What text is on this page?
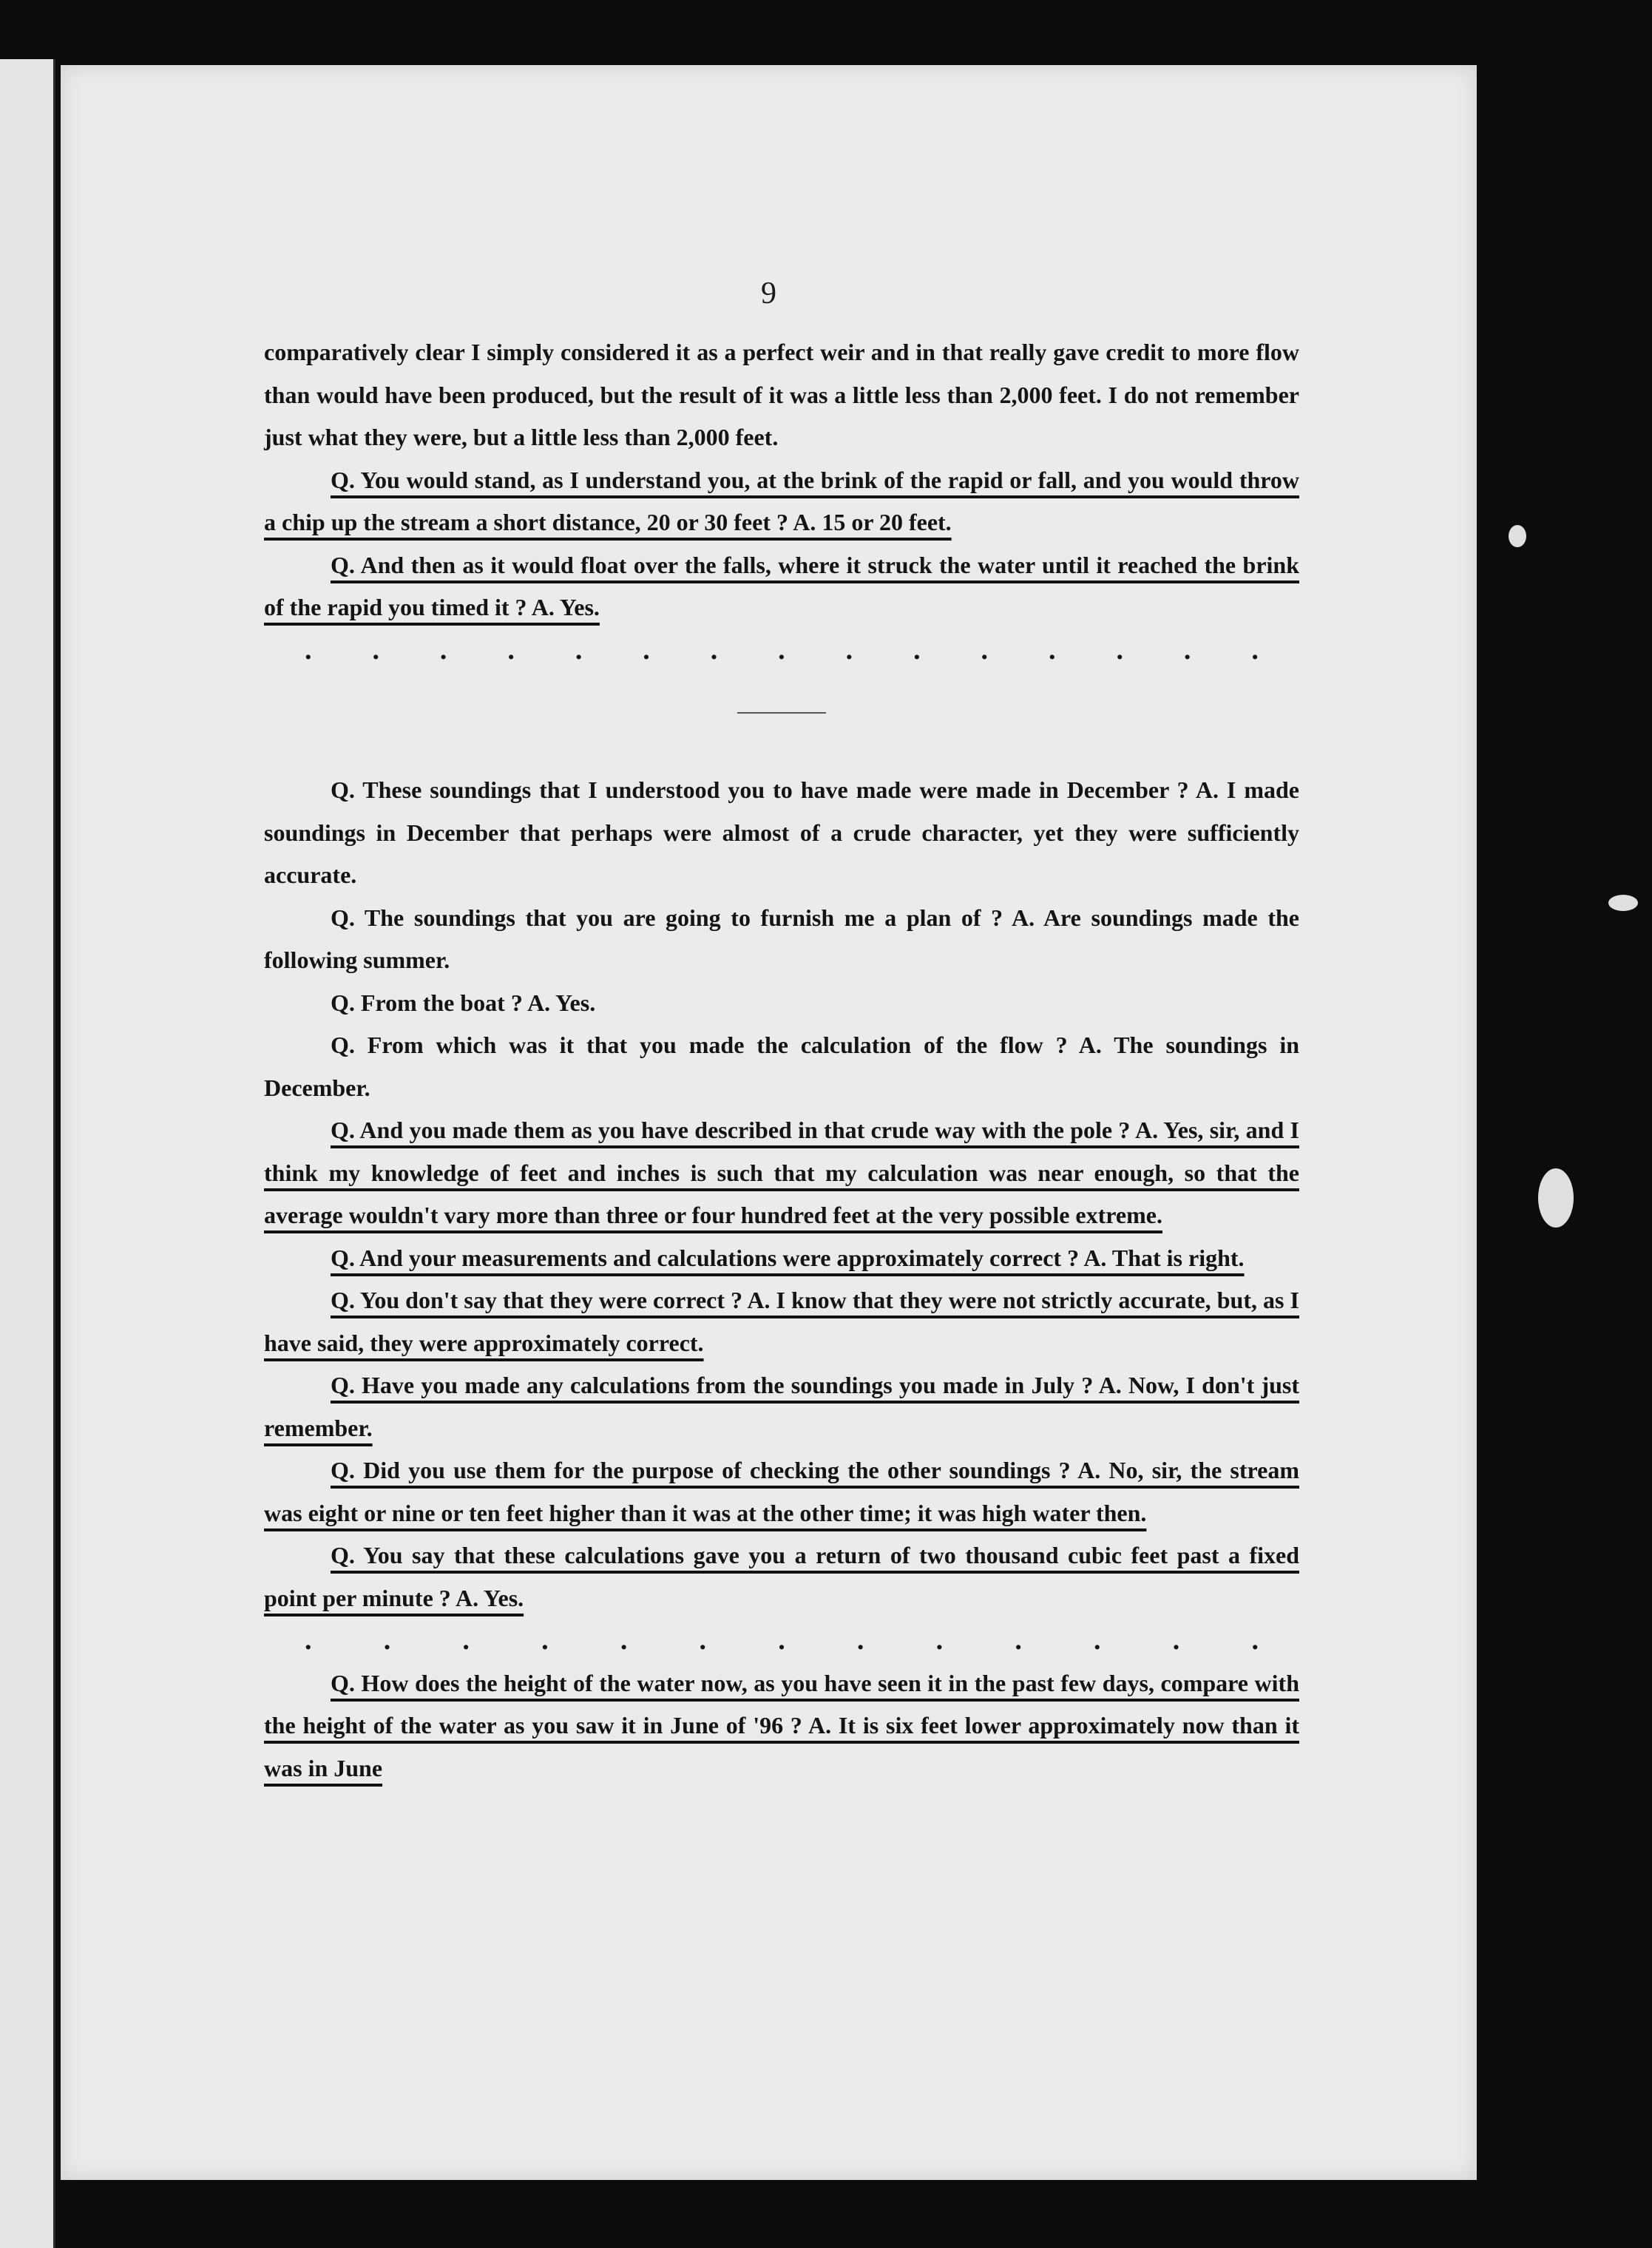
9

comparatively clear I simply considered it as a perfect weir and in that really gave credit to more flow than would have been produced, but the result of it was a little less than 2,000 feet. I do not remember just what they were, but a little less than 2,000 feet.

Q. You would stand, as I understand you, at the brink of the rapid or fall, and you would throw a chip up the stream a short distance, 20 or 30 feet ? A. 15 or 20 feet.

Q. And then as it would float over the falls, where it struck the water until it reached the brink of the rapid you timed it ? A. Yes.

. . . . . . . . . . . . . . .

Q. These soundings that I understood you to have made were made in December ? A. I made soundings in December that perhaps were almost of a crude character, yet they were sufficiently accurate.

Q. The soundings that you are going to furnish me a plan of ? A. Are soundings made the following summer.

Q. From the boat ? A. Yes.

Q. From which was it that you made the calculation of the flow ? A. The soundings in December.

Q. And you made them as you have described in that crude way with the pole ? A. Yes, sir, and I think my knowledge of feet and inches is such that my calculation was near enough, so that the average wouldn't vary more than three or four hundred feet at the very possible extreme.

Q. And your measurements and calculations were approximately correct ? A. That is right.

Q. You don't say that they were correct ? A. I know that they were not strictly accurate, but, as I have said, they were approximately correct.

Q. Have you made any calculations from the soundings you made in July ? A. Now, I don't just remember.

Q. Did you use them for the purpose of checking the other soundings ? A. No, sir, the stream was eight or nine or ten feet higher than it was at the other time; it was high water then.

Q. You say that these calculations gave you a return of two thousand cubic feet past a fixed point per minute ? A. Yes.

.	.	.	.	.	.	.	.	.	.	.	.	.

Q. How does the height of the water now, as you have seen it in the past few days, compare with the height of the water as you saw it in June of '96 ? A. It is six feet lower approximately now than it was in June
